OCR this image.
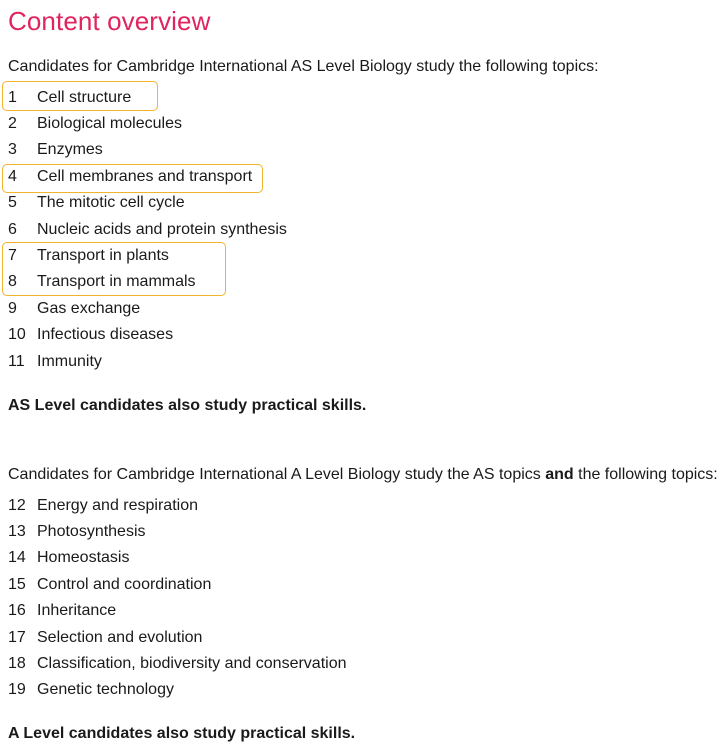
Content overview
Candidates for Cambridge International AS Level Biology study the following topics:
1 Cell structure
2 Biological molecules
3 Enzymes
4 Cell membranes and transport
5 The mitotic cell cycle
6 Nucleic acids and protein synthesis
7 Transport in plants
8 Transport in mammals
9 Gas exchange
10 Infectious diseases
11 Immunity
AS Level candidates also study practical skills.
Candidates for Cambridge International A Level Biology study the AS topics and the following topics:
12 Energy and respiration
13 Photosynthesis
14 Homeostasis
15 Control and coordination
16 Inheritance
17 Selection and evolution
18 Classification, biodiversity and conservation
19 Genetic technology
A Level candidates also study practical skills.
